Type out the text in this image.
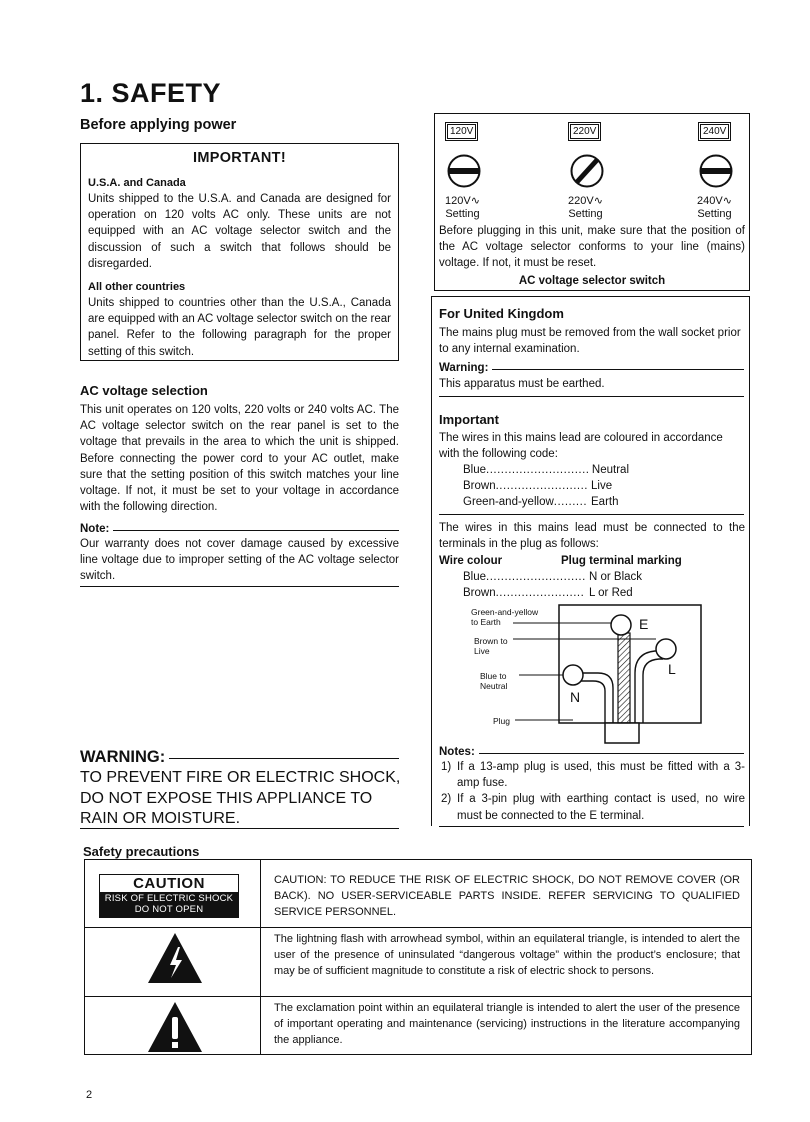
1. SAFETY
Before applying power
IMPORTANT!
U.S.A. and Canada
Units shipped to the U.S.A. and Canada are designed for operation on 120 volts AC only. These units are not equipped with an AC voltage selector switch and the discussion of such a switch that follows should be disregarded.
All other countries
Units shipped to countries other than the U.S.A., Canada are equipped with an AC voltage selector switch on the rear panel. Refer to the following paragraph for the proper setting of this switch.
AC voltage selection
This unit operates on 120 volts, 220 volts or 240 volts AC. The AC voltage selector switch on the rear panel is set to the voltage that prevails in the area to which the unit is shipped. Before connecting the power cord to your AC outlet, make sure that the setting position of this switch matches your line voltage. If not, it must be set to your voltage in accordance with the following direction.
Note:
Our warranty does not cover damage caused by excessive line voltage due to improper setting of the AC voltage selector switch.
WARNING:
TO PREVENT FIRE OR ELECTRIC SHOCK, DO NOT EXPOSE THIS APPLIANCE TO RAIN OR MOISTURE.
120V	220V	240V
120V∿
Setting
220V∿
Setting
240V∿
Setting
Before plugging in this unit, make sure that the position of the AC voltage selector conforms to your line (mains) voltage. If not, it must be reset.
AC voltage selector switch
For United Kingdom
The mains plug must be removed from the wall socket prior to any internal examination.
Warning:
This apparatus must be earthed.
Important
The wires in this mains lead are coloured in accordance with the following code:
Blue .....	Neutral
Brown .....	Live
Green-and-yellow .....	Earth
The wires in this mains lead must be connected to the terminals in the plug as follows:
Wire colour	Plug terminal marking
Blue .....	N or Black
Brown .....	L or Red
Green-and-yellow
to Earth
Brown to
Live
Blue to
Neutral
Plug
E
L
N
Notes:
1) If a 13-amp plug is used, this must be fitted with a 3-amp fuse.
2) If a 3-pin plug with earthing contact is used, no wire must be connected to the E terminal.
Safety precautions
CAUTION
RISK OF ELECTRIC SHOCK
DO NOT OPEN
CAUTION: TO REDUCE THE RISK OF ELECTRIC SHOCK, DO NOT REMOVE COVER (OR BACK). NO USER-SERVICEABLE PARTS INSIDE. REFER SERVICING TO QUALIFIED SERVICE PERSONNEL.
The lightning flash with arrowhead symbol, within an equilateral triangle, is intended to alert the user of the presence of uninsulated “dangerous voltage” within the product’s enclosure; that may be of sufficient magnitude to constitute a risk of electric shock to persons.
The exclamation point within an equilateral triangle is intended to alert the user of the presence of important operating and maintenance (servicing) instructions in the literature accompanying the appliance.
2
